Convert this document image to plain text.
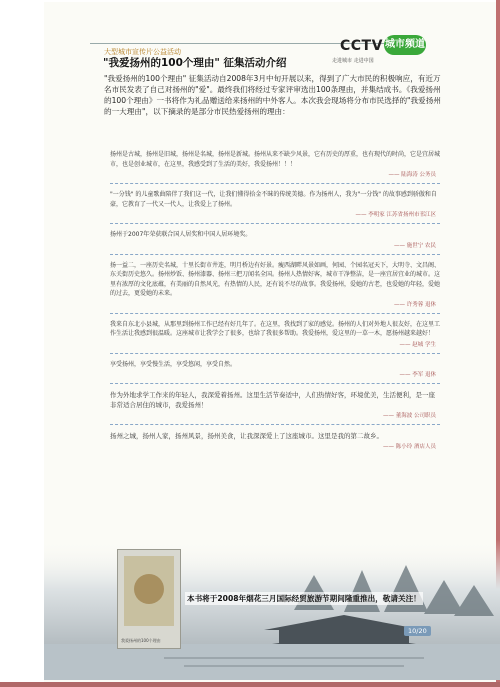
大型城市宣传片公益活动	CCTV 城市频道
走进城市 走进中国
"我爱扬州的100个理由" 征集活动介绍
"我爱扬州的100个理由" 征集活动自2008年3月中旬开展以来，得到了广大市民的积极响应，有近万名市民发表了自己对扬州的"爱"。最终我们将经过专家评审选出100条理由，并集结成书。《我爱扬州的100个理由》一书将作为礼品赠送给来扬州的中外客人。本次我会现场将分布市民选择的"我爱扬州的一大理由"，以下摘录的是部分市民热爱扬州的理由：
扬州是古城，扬州是旧城，扬州是名城，扬州是新城。扬州从来不缺少风景，它有历史的厚重，也有现代的时尚，它是宜居城市，也是创业城市，在这里，我感受到了生活的美好，我爱扬州！！！
—— 陆海涛 公务员
"一分钱" 的儿童歌曲陪伴了我们这一代，让我们懂得拾金不昧的传统美德。作为扬州人，我为"一分钱" 的故事感到骄傲和自豪，它教育了一代又一代人，让我爱上了扬州。
—— 李明家 江苏省扬州市邗江区
扬州于2007年荣获联合国人居奖和中国人居环境奖。
—— 施世宁 农民
扬一益二，一座历史名城，十里长街市井连，明月桥边有好景。瘦西湖畔风景如画，何园、个园名冠天下，大明寺、文昌阁、东关街历史悠久。扬州炒饭、扬州漆器、扬州三把刀闻名全国。扬州人热情好客，城市干净整洁，是一座宜居宜业的城市。这里有浓厚的文化底蕴，有美丽的自然风光，有热情的人民，还有说不尽的故事。我爱扬州，爱她的古老，也爱她的年轻，爱她的过去，更爱她的未来。
—— 许秀蓉 退休
我来自东北小县城，从那里到扬州工作已经有好几年了。在这里，我找到了家的感觉。扬州的人们对外地人很友好，在这里工作生活让我感到很温暖。这座城市让我学会了很多，也给了我很多帮助。我爱扬州，爱这里的一草一木，愿扬州越来越好！
—— 赵城 学生
享受扬州，享受慢生活，享受悠闲，享受自然。
—— 李军 退休
作为外地求学工作来的年轻人，我深爱着扬州。这里生活节奏适中，人们热情好客，环境优美，生活便利，是一座非常适合居住的城市，我爱扬州！
—— 董海波 公司职员
扬州之城，扬州人家，扬州风景，扬州美食，让我深深爱上了这座城市。这里是我的第二故乡。
—— 陈小玲 酒店人员
我爱扬州的100个理由
本书将于2008年烟花三月国际经贸旅游节期间隆重推出，敬请关注！
10/20
